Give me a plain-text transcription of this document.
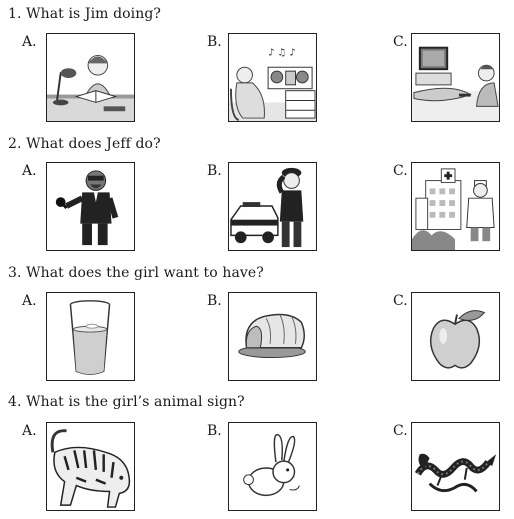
1. What is Jim doing?
A.	B.
♪ ♫ ♪
C.
2. What does Jeff do?
A.	B.	C.
3. What does the girl want to have?
A.	B.	C.
4. What is the girl’s animal sign?
A.	B.	C.
